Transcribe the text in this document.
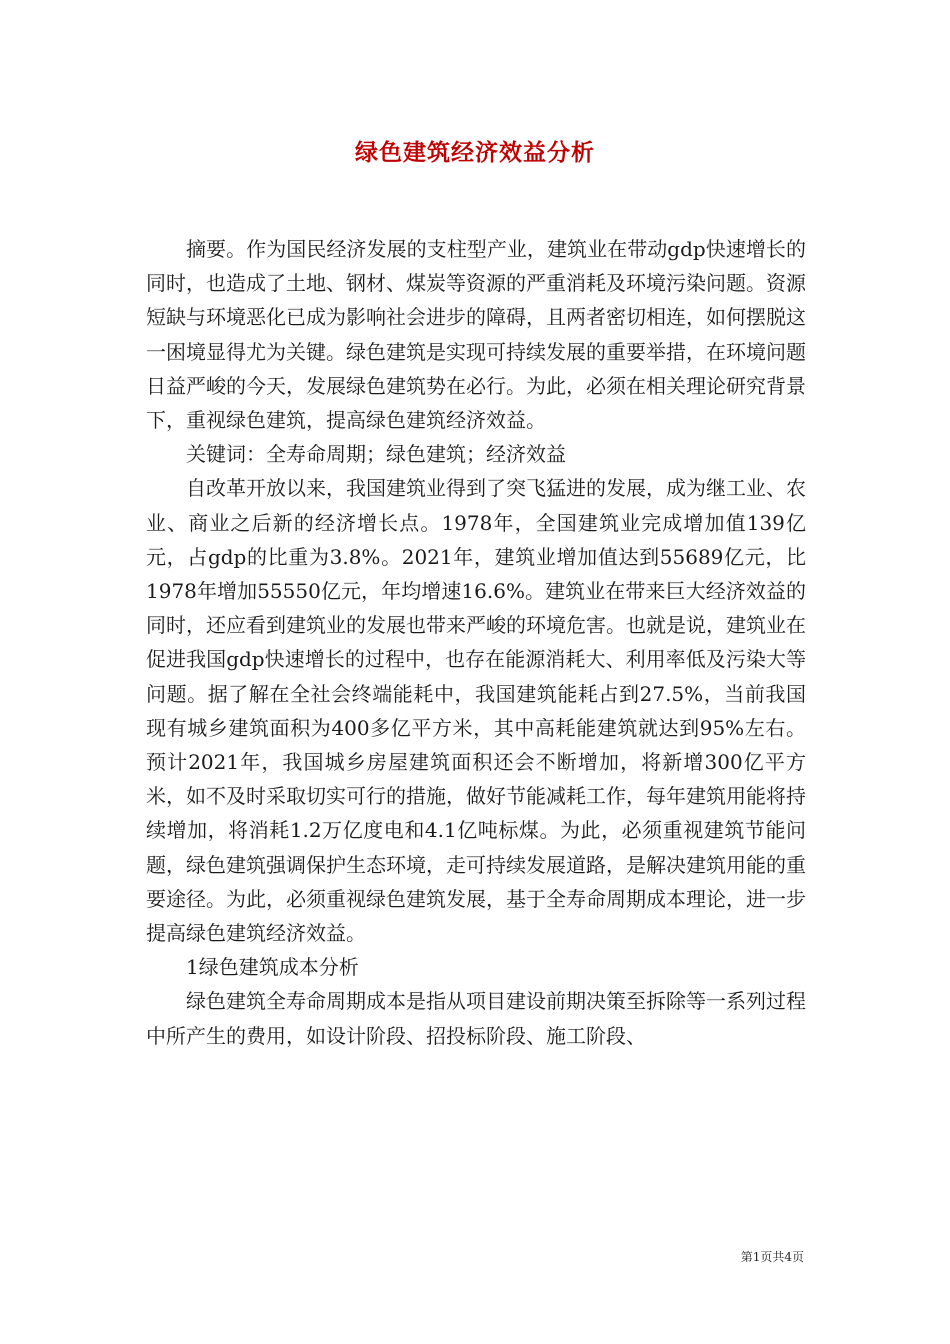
绿色建筑经济效益分析

摘要。作为国民经济发展的支柱型产业，建筑业在带动gdp快速增长的同时，也造成了土地、钢材、煤炭等资源的严重消耗及环境污染问题。资源短缺与环境恶化已成为影响社会进步的障碍，且两者密切相连，如何摆脱这一困境显得尤为关键。绿色建筑是实现可持续发展的重要举措，在环境问题日益严峻的今天，发展绿色建筑势在必行。为此，必须在相关理论研究背景下，重视绿色建筑，提高绿色建筑经济效益。

关键词：全寿命周期；绿色建筑；经济效益

自改革开放以来，我国建筑业得到了突飞猛进的发展，成为继工业、农业、商业之后新的经济增长点。1978年，全国建筑业完成增加值139亿元，占gdp的比重为3.8%。2021年，建筑业增加值达到55689亿元，比1978年增加55550亿元，年均增速16.6%。建筑业在带来巨大经济效益的同时，还应看到建筑业的发展也带来严峻的环境危害。也就是说，建筑业在促进我国gdp快速增长的过程中，也存在能源消耗大、利用率低及污染大等问题。据了解在全社会终端能耗中，我国建筑能耗占到27.5%，当前我国现有城乡建筑面积为400多亿平方米，其中高耗能建筑就达到95%左右。预计2021年，我国城乡房屋建筑面积还会不断增加，将新增300亿平方米，如不及时采取切实可行的措施，做好节能减耗工作，每年建筑用能将持续增加，将消耗1.2万亿度电和4.1亿吨标煤。为此，必须重视建筑节能问题，绿色建筑强调保护生态环境，走可持续发展道路，是解决建筑用能的重要途径。为此，必须重视绿色建筑发展，基于全寿命周期成本理论，进一步提高绿色建筑经济效益。

1绿色建筑成本分析

绿色建筑全寿命周期成本是指从项目建设前期决策至拆除等一系列过程中所产生的费用，如设计阶段、招投标阶段、施工阶段、

第1页共4页
